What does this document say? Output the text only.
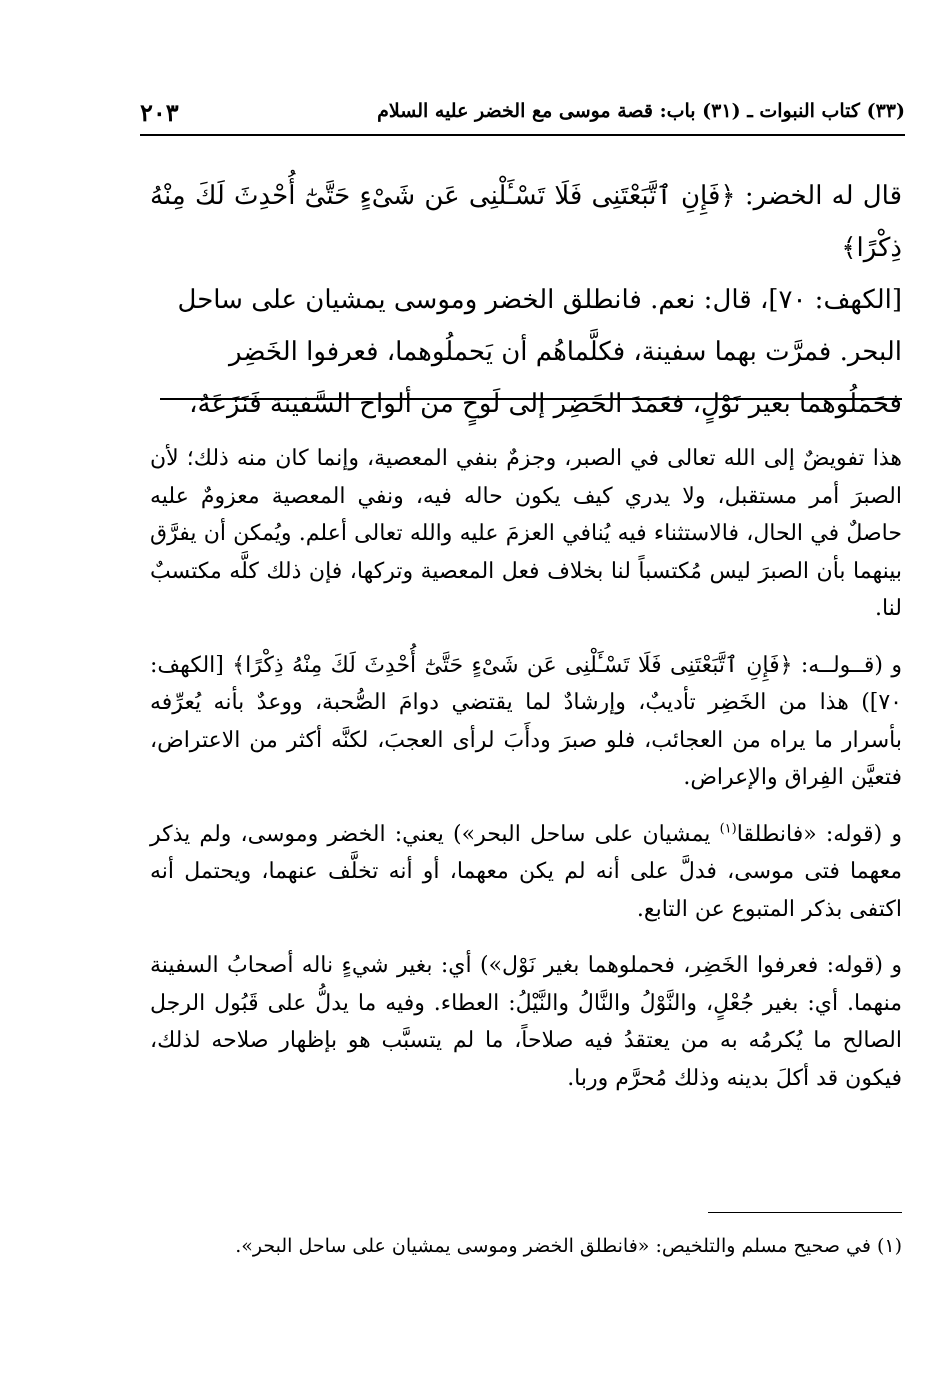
٢٠٣	(٣٣) كتاب النبوات ـ (٣١) باب: قصة موسى مع الخضر عليه السلام

قال له الخضر: ﴿فَإِنِ ٱتَّبَعْتَنِى فَلَا تَسْـَٔلْنِى عَن شَىْءٍ حَتَّىٰٓ أُحْدِثَ لَكَ مِنْهُ ذِكْرًا﴾

[الكهف: ٧٠]، قال: نعم. فانطلق الخضر وموسى يمشيان على ساحل

البحر. فمرَّت بهما سفينة، فكلَّماهُم أن يَحملُوهما، فعرفوا الخَضِر

فحَمَلُوهما بغير نَوْلٍ، فعَمَدَ الخَضِر إلى لَوحٍ من ألواح السَّفينة فَنَزَعَهُ،

هذا تفويضٌ إلى الله تعالى في الصبر، وجزمٌ بنفي المعصية، وإنما كان منه ذلك؛ لأن الصبرَ أمر مستقبل، ولا يدري كيف يكون حاله فيه، ونفي المعصية معزومٌ عليه حاصلٌ في الحال، فالاستثناء فيه يُنافي العزمَ عليه والله تعالى أعلم. ويُمكن أن يفرَّق بينهما بأن الصبرَ ليس مُكتسباً لنا بخلاف فعل المعصية وتركها، فإن ذلك كلَّه مكتسبٌ لنا.

و (قــولــه: ﴿فَإِنِ ٱتَّبَعْتَنِى فَلَا تَسْـَٔلْنِى عَن شَىْءٍ حَتَّىٰٓ أُحْدِثَ لَكَ مِنْهُ ذِكْرًا﴾ [الكهف: ٧٠]) هذا من الخَضِر تأديبٌ، وإرشادٌ لما يقتضي دوامَ الصُّحبة، ووعدٌ بأنه يُعرِّفه بأسرار ما يراه من العجائب، فلو صبرَ ودأَبَ لرأى العجبَ، لكنَّه أكثر من الاعتراض، فتعيَّن الفِراق والإعراض.

و (قوله: «فانطلقا$^{(١)}$ يمشيان على ساحل البحر») يعني: الخضر وموسى، ولم يذكر معهما فتى موسى، فدلَّ على أنه لم يكن معهما، أو أنه تخلَّف عنهما، ويحتمل أنه اكتفى بذكر المتبوع عن التابع.

و (قوله: فعرفوا الخَضِر، فحملوهما بغير نَوْل») أي: بغير شيءٍ ناله أصحابُ السفينة منهما. أي: بغير جُعْلٍ، والنَّوْلُ والنَّالُ والنَّيْلُ: العطاء. وفيه ما يدلُّ على قَبُول الرجل الصالح ما يُكرمُه به من يعتقدُ فيه صلاحاً، ما لم يتسبَّب هو بإظهار صلاحه لذلك، فيكون قد أكلَ بدينه وذلك مُحرَّم وربا.

(١) في صحيح مسلم والتلخيص: «فانطلق الخضر وموسى يمشيان على ساحل البحر».
